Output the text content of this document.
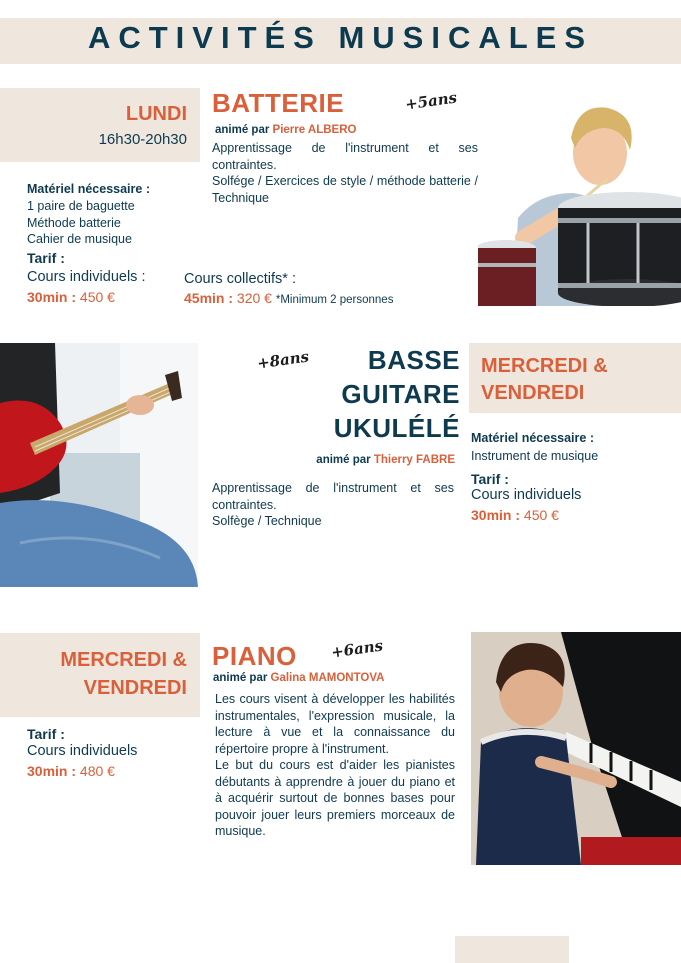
ACTIVITÉS MUSICALES
LUNDI
16h30-20h30
BATTERIE	+5ans
animé par Pierre ALBERO
Apprentissage de l'instrument et ses contraintes.
Solfége / Exercices de style / méthode batterie / Technique
Matériel nécessaire :
1 paire de baguette
Méthode batterie
Cahier de musique
Tarif :
Cours individuels :
30min : 450 €
Cours collectifs* :
45min : 320 € *Minimum 2 personnes
+8ans	BASSE
GUITARE
UKULÉLÉ
animé par Thierry FABRE
MERCREDI &
VENDREDI
Apprentissage de l'instrument et ses contraintes.
Solfège / Technique
Matériel nécessaire :
Instrument de musique
Tarif :
Cours individuels
30min : 450 €
MERCREDI &
VENDREDI
Tarif :
Cours individuels
30min : 480 €
PIANO +6ans
animé par Galina MAMONTOVA
Les cours visent à développer les habilités instrumentales, l'expression musicale, la lecture à vue et la connaissance du répertoire propre à l'instrument.
Le but du cours est d'aider les pianistes débutants à apprendre à jouer du piano et à acquérir surtout de bonnes bases pour pouvoir jouer leurs premiers morceaux de musique.
